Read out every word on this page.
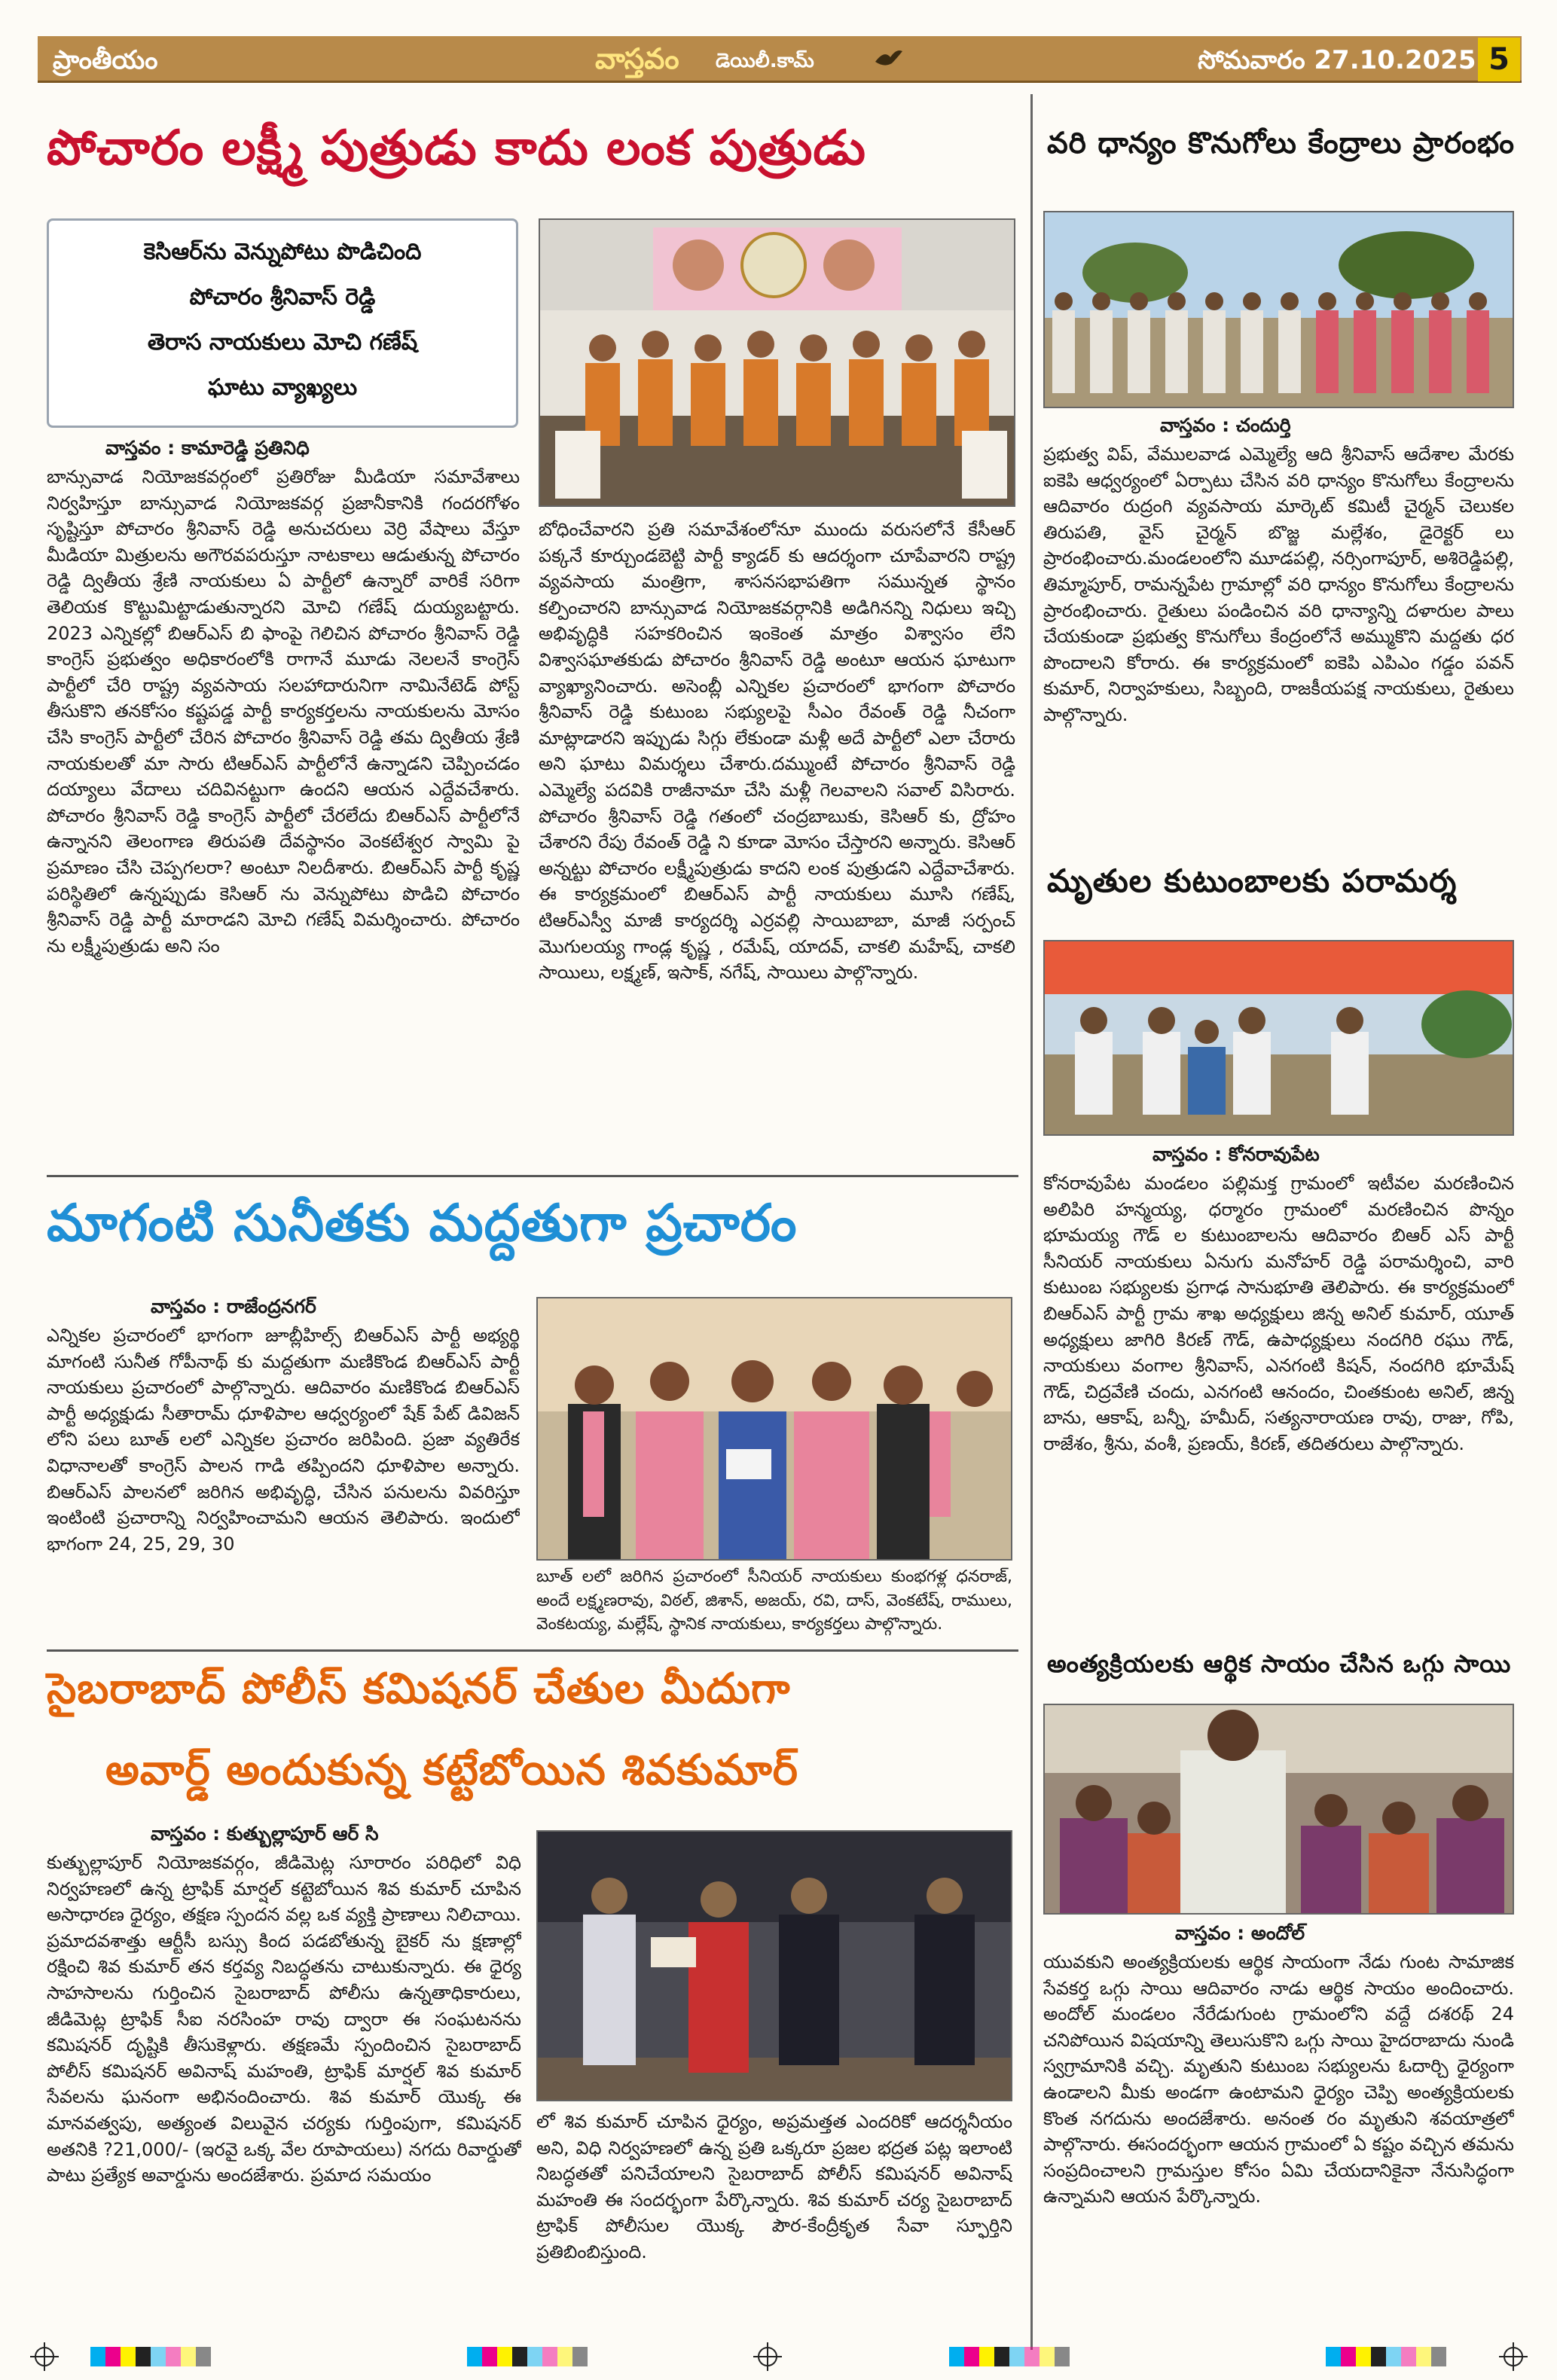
ప్రాంతీయం	వాస్తవం డెయిలీ.కామ్	సోమవారం 27.10.2025 5
పోచారం లక్ష్మీ పుత్రుడు కాదు లంక పుత్రుడు
కెసిఆర్‌ను వెన్నుపోటు పొడిచింది
పోచారం శ్రీనివాస్ రెడ్డి
తెరాస నాయకులు మోచి గణేష్
ఘాటు వ్యాఖ్యలు
వాస్తవం : కామారెడ్డి ప్రతినిధి
బాన్సువాడ నియోజకవర్గంలో ప్రతిరోజు మీడియా సమావేశాలు నిర్వహిస్తూ బాన్సువాడ నియోజకవర్గ ప్రజానీకానికి గందరగోళం సృష్టిస్తూ పోచారం శ్రీనివాస్ రెడ్డి అనుచరులు వెర్రి వేషాలు వేస్తూ మీడియా మిత్రులను అగౌరవపరుస్తూ నాటకాలు ఆడుతున్న పోచారం రెడ్డి ద్వితీయ శ్రేణి నాయకులు ఏ పార్టీలో ఉన్నారో వారికే సరిగా తెలియక కొట్టుమిట్టాడుతున్నారని మోచి గణేష్ దుయ్యబట్టారు. 2023 ఎన్నికల్లో బిఆర్ఎస్ బి ఫాంపై గెలిచిన పోచారం శ్రీనివాస్ రెడ్డి కాంగ్రెస్ ప్రభుత్వం అధికారంలోకి రాగానే మూడు నెలలనే కాంగ్రెస్ పార్టీలో చేరి రాష్ట్ర వ్యవసాయ సలహాదారునిగా నామినేటెడ్ పోస్ట్ తీసుకొని తనకోసం కష్టపడ్డ పార్టీ కార్యకర్తలను నాయకులను మోసం చేసి కాంగ్రెస్ పార్టీలో చేరిన పోచారం శ్రీనివాస్ రెడ్డి తమ ద్వితీయ శ్రేణి నాయకులతో మా సారు టిఆర్ఎస్ పార్టీలోనే ఉన్నాడని చెప్పించడం దయ్యాలు వేదాలు చదివినట్టుగా ఉందని ఆయన ఎద్దేవచేశారు. పోచారం శ్రీనివాస్ రెడ్డి కాంగ్రెస్ పార్టీలో చేరలేదు బిఆర్ఎస్ పార్టీలోనే ఉన్నానని తెలంగాణ తిరుపతి దేవస్థానం వెంకటేశ్వర స్వామి పై ప్రమాణం చేసి చెప్పగలరా? అంటూ నిలదీశారు. బిఆర్ఎస్ పార్టీ కృష్ణ పరిస్థితిలో ఉన్నప్పుడు కెసిఆర్ ను వెన్నుపోటు పొడిచి పోచారం శ్రీనివాస్ రెడ్డి పార్టీ మారాడని మోచి గణేష్ విమర్శించారు. పోచారం ను లక్ష్మీపుత్రుడు అని సం
బోధించేవారని ప్రతి సమావేశంలోనూ ముందు వరుసలోనే కేసీఆర్ పక్కనే కూర్చుండబెట్టి పార్టీ క్యాడర్ కు ఆదర్శంగా చూపేవారని రాష్ట్ర వ్యవసాయ మంత్రిగా, శాసనసభాపతిగా సమున్నత స్థానం కల్పించారని బాన్సువాడ నియోజకవర్గానికి అడిగినన్ని నిధులు ఇచ్చి అభివృద్ధికి సహకరించిన ఇంకెంత మాత్రం విశ్వాసం లేని విశ్వాసఘాతకుడు పోచారం శ్రీనివాస్ రెడ్డి అంటూ ఆయన ఘాటుగా వ్యాఖ్యానించారు. అసెంబ్లీ ఎన్నికల ప్రచారంలో భాగంగా పోచారం శ్రీనివాస్ రెడ్డి కుటుంబ సభ్యులపై సీఎం రేవంత్ రెడ్డి నీచంగా మాట్లాడారని ఇప్పుడు సిగ్గు లేకుండా మళ్లీ అదే పార్టీలో ఎలా చేరారు అని ఘాటు విమర్శలు చేశారు.దమ్ముంటే పోచారం శ్రీనివాస్ రెడ్డి ఎమ్మెల్యే పదవికి రాజీనామా చేసి మళ్లీ గెలవాలని సవాల్ విసిరారు. పోచారం శ్రీనివాస్ రెడ్డి గతంలో చంద్రబాబుకు, కెసిఆర్ కు, ద్రోహం చేశారని రేపు రేవంత్ రెడ్డి ని కూడా మోసం చేస్తారని అన్నారు. కెసిఆర్ అన్నట్టు పోచారం లక్ష్మీపుత్రుడు కాదని లంక పుత్రుడని ఎద్దేవాచేశారు. ఈ కార్యక్రమంలో బిఆర్ఎస్ పార్టీ నాయకులు మూసి గణేష్, టిఆర్ఎస్వీ మాజీ కార్యదర్శి ఎర్రవల్లి సాయిబాబా, మాజీ సర్పంచ్ మొగులయ్య గాండ్ల కృష్ణ , రమేష్, యాదవ్, చాకలి మహేష్, చాకలి సాయిలు, లక్ష్మణ్, ఇసాక్, నగేష్, సాయిలు పాల్గొన్నారు.
మాగంటి సునీతకు మద్దతుగా ప్రచారం
వాస్తవం : రాజేంద్రనగర్
ఎన్నికల ప్రచారంలో భాగంగా జూబ్లీహిల్స్ బిఆర్ఎస్ పార్టీ అభ్యర్థి మాగంటి సునీత గోపీనాథ్ కు మద్దతుగా మణికొండ బిఆర్ఎస్ పార్టీ నాయకులు ప్రచారంలో పాల్గొన్నారు. ఆదివారం మణికొండ బిఆర్ఎస్ పార్టీ అధ్యక్షుడు సీతారామ్ ధూళిపాల ఆధ్వర్యంలో షేక్ పేట్ డివిజన్ లోని పలు బూత్ లలో ఎన్నికల ప్రచారం జరిపింది. ప్రజా వ్యతిరేక విధానాలతో కాంగ్రెస్ పాలన గాడి తప్పిందని ధూళిపాల అన్నారు. బిఆర్ఎస్ పాలనలో జరిగిన అభివృద్ధి, చేసిన పనులను వివరిస్తూ ఇంటింటి ప్రచారాన్ని నిర్వహించామని ఆయన తెలిపారు. ఇందులో భాగంగా 24, 25, 29, 30
బూత్ లలో జరిగిన ప్రచారంలో సీనియర్ నాయకులు కుంభగళ్ల ధనరాజ్, అందే లక్ష్మణరావు, విఠల్, జిశాన్, అజయ్, రవి, దాస్, వెంకటేష్, రాములు, వెంకటయ్య, మల్లేష్, స్థానిక నాయకులు, కార్యకర్తలు పాల్గొన్నారు.
సైబరాబాద్ పోలీస్ కమిషనర్ చేతుల మీదుగా
అవార్డ్ అందుకున్న కట్టేబోయిన శివకుమార్
వాస్తవం : కుత్బుల్లాపూర్ ఆర్ సి
కుత్బుల్లాపూర్ నియోజకవర్గం, జీడిమెట్ల సూరారం పరిధిలో విధి నిర్వహణలో ఉన్న ట్రాఫిక్ మార్షల్ కట్టెబోయిన శివ కుమార్ చూపిన అసాధారణ ధైర్యం, తక్షణ స్పందన వల్ల ఒక వ్యక్తి ప్రాణాలు నిలిచాయి. ప్రమాదవశాత్తు ఆర్టీసీ బస్సు కింద పడబోతున్న బైకర్ ను క్షణాల్లో రక్షించి శివ కుమార్ తన కర్తవ్య నిబద్ధతను చాటుకున్నారు. ఈ ధైర్య సాహసాలను గుర్తించిన సైబరాబాద్ పోలీసు ఉన్నతాధికారులు, జీడిమెట్ల ట్రాఫిక్ సీఐ నరసింహ రావు ద్వారా ఈ సంఘటనను కమిషనర్ దృష్టికి తీసుకెళ్లారు. తక్షణమే స్పందించిన సైబరాబాద్ పోలీస్ కమిషనర్ అవినాష్ మహంతి, ట్రాఫిక్ మార్షల్ శివ కుమార్ సేవలను ఘనంగా అభినందించారు. శివ కుమార్ యొక్క ఈ మానవత్వపు, అత్యంత విలువైన చర్యకు గుర్తింపుగా, కమిషనర్ అతనికి ?21,000/- (ఇరవై ఒక్క వేల రూపాయలు) నగదు రివార్డుతో పాటు ప్రత్యేక అవార్డును అందజేశారు. ప్రమాద సమయం
లో శివ కుమార్ చూపిన ధైర్యం, అప్రమత్తత ఎందరికో ఆదర్శనీయం అని, విధి నిర్వహణలో ఉన్న ప్రతి ఒక్కరూ ప్రజల భద్రత పట్ల ఇలాంటి నిబద్ధతతో పనిచేయాలని సైబరాబాద్ పోలీస్ కమిషనర్ అవినాష్ మహంతి ఈ సందర్భంగా పేర్కొన్నారు. శివ కుమార్ చర్య సైబరాబాద్ ట్రాఫిక్ పోలీసుల యొక్క పౌర-కేంద్రీకృత సేవా స్ఫూర్తిని ప్రతిబింబిస్తుంది.
వరి ధాన్యం కొనుగోలు కేంద్రాలు ప్రారంభం
వాస్తవం : చందుర్తి
ప్రభుత్వ విప్, వేములవాడ ఎమ్మెల్యే ఆది శ్రీనివాస్ ఆదేశాల మేరకు ఐకెపి ఆధ్వర్యంలో ఏర్పాటు చేసిన వరి ధాన్యం కొనుగోలు కేంద్రాలను ఆదివారం రుద్రంగి వ్యవసాయ మార్కెట్ కమిటీ చైర్మన్ చెలుకల తిరుపతి, వైస్ చైర్మన్ బొజ్జ మల్లేశం, డైరెక్టర్ లు ప్రారంభించారు.మండలంలోని మూడపల్లి, నర్సింగాపూర్, అశిరెడ్డిపల్లి, తిమ్మాపూర్, రామన్నపేట గ్రామాల్లో వరి ధాన్యం కొనుగోలు కేంద్రాలను ప్రారంభించారు. రైతులు పండించిన వరి ధాన్యాన్ని దళారుల పాలు చేయకుండా ప్రభుత్వ కొనుగోలు కేంద్రంలోనే అమ్ముకొని మద్దతు ధర పొందాలని కోరారు. ఈ కార్యక్రమంలో ఐకెపి ఎపిఎం గడ్డం పవన్ కుమార్, నిర్వాహకులు, సిబ్బంది, రాజకీయపక్ష నాయకులు, రైతులు పాల్గొన్నారు.
మృతుల కుటుంబాలకు పరామర్శ
వాస్తవం : కోనరావుపేట
కోనరావుపేట మండలం పల్లిమక్త గ్రామంలో ఇటీవల మరణించిన అలిపిరి హన్మయ్య, ధర్మారం గ్రామంలో మరణించిన పొన్నం భూమయ్య గౌడ్ ల కుటుంబాలను ఆదివారం బిఆర్ ఎస్ పార్టీ సీనియర్ నాయకులు ఏనుగు మనోహర్ రెడ్డి పరామర్శించి, వారి కుటుంబ సభ్యులకు ప్రగాఢ సానుభూతి తెలిపారు. ఈ కార్యక్రమంలో బిఆర్ఎస్ పార్టీ గ్రామ శాఖ అధ్యక్షులు జిన్న అనిల్ కుమార్, యూత్ అధ్యక్షులు జాగిరి కిరణ్ గౌడ్, ఉపాధ్యక్షులు నందగిరి రఘు గౌడ్, నాయకులు వంగాల శ్రీనివాస్, ఎనగంటి కిషన్, నందగిరి భూమేష్ గౌడ్, చిద్రవేణి చందు, ఎనగంటి ఆనందం, చింతకుంట అనిల్, జిన్న బాను, ఆకాష్, బన్నీ, హమీద్, సత్యనారాయణ రావు, రాజు, గోపి, రాజేశం, శ్రీను, వంశీ, ప్రణయ్, కిరణ్, తదితరులు పాల్గొన్నారు.
అంత్యక్రియలకు ఆర్థిక సాయం చేసిన ఒగ్గు సాయి
వాస్తవం : అందోల్
యువకుని అంత్యక్రియలకు ఆర్థిక సాయంగా నేడు గుంట సామాజిక సేవకర్త ఒగ్గు సాయి ఆదివారం నాడు ఆర్థిక సాయం అందించారు. అందోల్ మండలం నేరేడుగుంట గ్రామంలోని వద్దే దశరథ్ 24 చనిపోయిన విషయాన్ని తెలుసుకొని ఒగ్గు సాయి హైదరాబాదు నుండి స్వగ్రామానికి వచ్చి. మృతుని కుటుంబ సభ్యులను ఓదార్చి ధైర్యంగా ఉండాలని మీకు అండగా ఉంటామని ధైర్యం చెప్పి అంత్యక్రియలకు కొంత నగదును అందజేశారు. అనంత రం మృతుని శవయాత్రలో పాల్గొనారు. ఈసందర్భంగా ఆయన గ్రామంలో ఏ కష్టం వచ్చిన తమను సంప్రదించాలని గ్రామస్తుల కోసం ఏమి చేయదానికైనా నేనుసిద్ధంగా ఉన్నామని ఆయన పేర్కొన్నారు.
